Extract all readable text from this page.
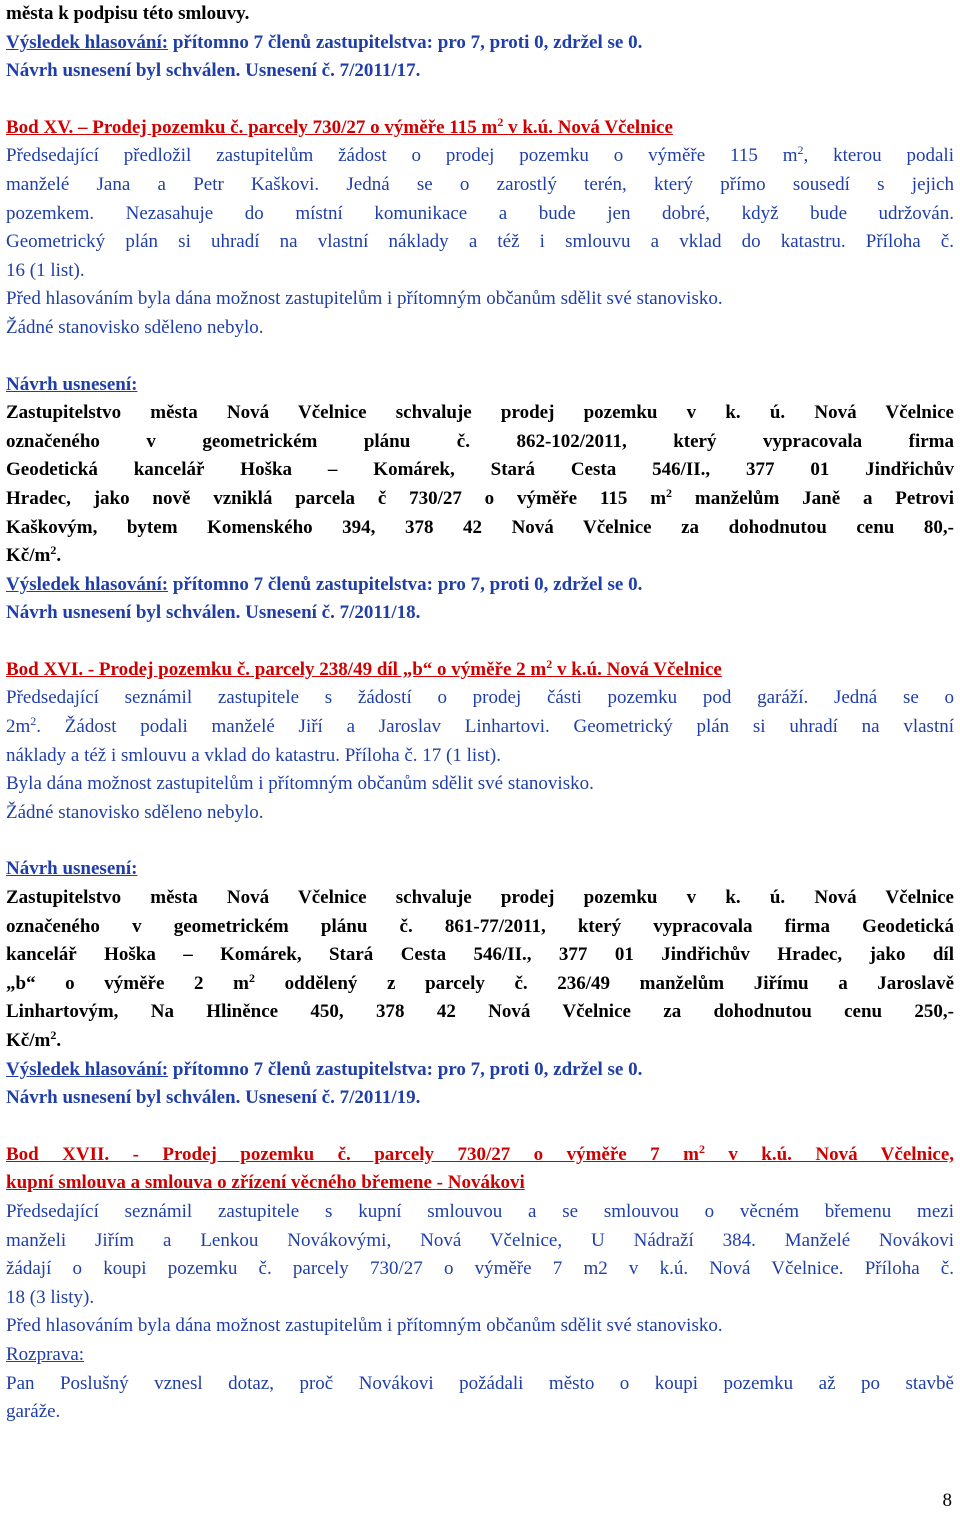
města k podpisu této smlouvy.
Výsledek hlasování: přítomno 7 členů zastupitelstva: pro 7, proti 0, zdržel se 0.
Návrh usnesení byl schválen. Usnesení č. 7/2011/17.
Bod XV. – Prodej pozemku č. parcely 730/27 o výměře 115 $m^2$ v k.ú. Nová Včelnice
Předsedající předložil zastupitelům žádost o prodej pozemku o výměře 115 $m^2$, kterou podali
manželé Jana a Petr Kaškovi. Jedná se o zarostlý terén, který přímo sousedí s jejich
pozemkem. Nezasahuje do místní komunikace a bude jen dobré, když bude udržován.
Geometrický plán si uhradí na vlastní náklady a též i smlouvu a vklad do katastru. Příloha č.
16 (1 list).
Před hlasováním byla dána možnost zastupitelům i přítomným občanům sdělit své stanovisko.
Žádné stanovisko sděleno nebylo.
Návrh usnesení:
Zastupitelstvo města Nová Včelnice schvaluje prodej pozemku v k. ú. Nová Včelnice
označeného v geometrickém plánu č. 862-102/2011, který vypracovala firma
Geodetická kancelář Hoška – Komárek, Stará Cesta 546/II., 377 01 Jindřichův
Hradec, jako nově vzniklá parcela č 730/27 o výměře 115 $m^2$ manželům Janě a Petrovi
Kaškovým, bytem Komenského 394, 378 42 Nová Včelnice za dohodnutou cenu 80,-
$Kč/m^2$.
Výsledek hlasování: přítomno 7 členů zastupitelstva: pro 7, proti 0, zdržel se 0.
Návrh usnesení byl schválen. Usnesení č. 7/2011/18.
Bod XVI. - Prodej pozemku č. parcely 238/49 díl „b“ o výměře 2 $m^2$ v k.ú. Nová Včelnice
Předsedající seznámil zastupitele s žádostí o prodej části pozemku pod garáží. Jedná se o
$2m^2$. Žádost podali manželé Jiří a Jaroslav Linhartovi. Geometrický plán si uhradí na vlastní
náklady a též i smlouvu a vklad do katastru. Příloha č. 17 (1 list).
Byla dána možnost zastupitelům i přítomným občanům sdělit své stanovisko.
Žádné stanovisko sděleno nebylo.
Návrh usnesení:
Zastupitelstvo města Nová Včelnice schvaluje prodej pozemku v k. ú. Nová Včelnice
označeného v geometrickém plánu č. 861-77/2011, který vypracovala firma Geodetická
kancelář Hoška – Komárek, Stará Cesta 546/II., 377 01 Jindřichův Hradec, jako díl
„b“ o výměře 2 $m^2$ oddělený z parcely č. 236/49 manželům Jiřímu a Jaroslavě
Linhartovým, Na Hliněnce 450, 378 42 Nová Včelnice za dohodnutou cenu 250,-
$Kč/m^2$.
Výsledek hlasování: přítomno 7 členů zastupitelstva: pro 7, proti 0, zdržel se 0.
Návrh usnesení byl schválen. Usnesení č. 7/2011/19.
Bod XVII. - Prodej pozemku č. parcely 730/27 o výměře 7 $m^2$ v k.ú. Nová Včelnice,
kupní smlouva a smlouva o zřízení věcného břemene - Novákovi
Předsedající seznámil zastupitele s kupní smlouvou a se smlouvou o věcném břemenu mezi
manželi Jiřím a Lenkou Novákovými, Nová Včelnice, U Nádraží 384. Manželé Novákovi
žádají o koupi pozemku č. parcely 730/27 o výměře 7 m2 v k.ú. Nová Včelnice. Příloha č.
18 (3 listy).
Před hlasováním byla dána možnost zastupitelům i přítomným občanům sdělit své stanovisko.
Rozprava:
Pan Poslušný vznesl dotaz, proč Novákovi požádali město o koupi pozemku až po stavbě
garáže.
8
